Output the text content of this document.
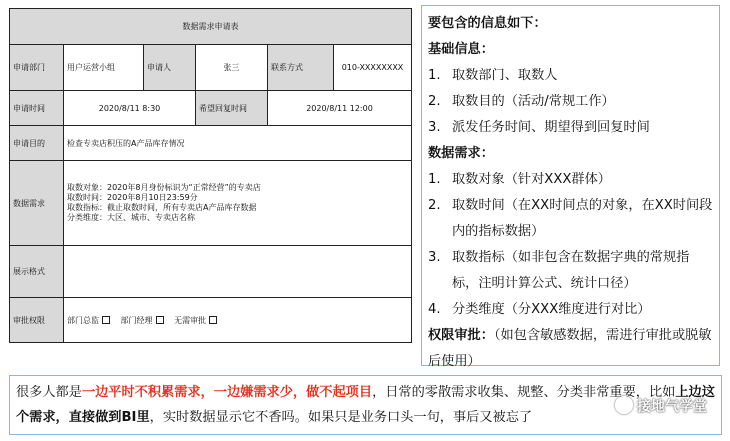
数据需求申请表					
申请部门	用户运营小组	申请人	张三	联系方式	010-XXXXXXXX
申请时间	2020/8/11 8:30		希望回复时间	2020/8/11 12:00	
申请目的	检查专卖店积压的A产品库存情况				
数据需求	取数对象：2020年8月身份标识为“正常经营”的专卖店
取数时间：2020年8月10日23:59分
取数指标：截止取数时间，所有专卖店A产品库存数据
分类维度：大区、城市、专卖店名称				

展示格式					
审批权限	部门总监 部门经理 无需审批				
要包含的信息如下：
基础信息：
1. 取数部门、取数人
2. 取数目的（活动/常规工作）
3. 派发任务时间、期望得到回复时间
数据需求：
1. 取数对象（针对XXX群体）
2. 取数时间（在XX时间点的对象，在XX时间段内的指标数据）
3. 取数指标（如非包含在数据字典的常规指标，注明计算公式、统计口径）
4. 分类维度（分XXX维度进行对比）
权限审批：（如包含敏感数据，需进行审批或脱敏后使用）
很多人都是一边平时不积累需求，一边嫌需求少，做不起项目，日常的零散需求收集、规整、分类非常重要，比如上边这个需求，直接做到BI里，实时数据显示它不香吗。如果只是业务口头一句，事后又被忘了
接地气学堂
